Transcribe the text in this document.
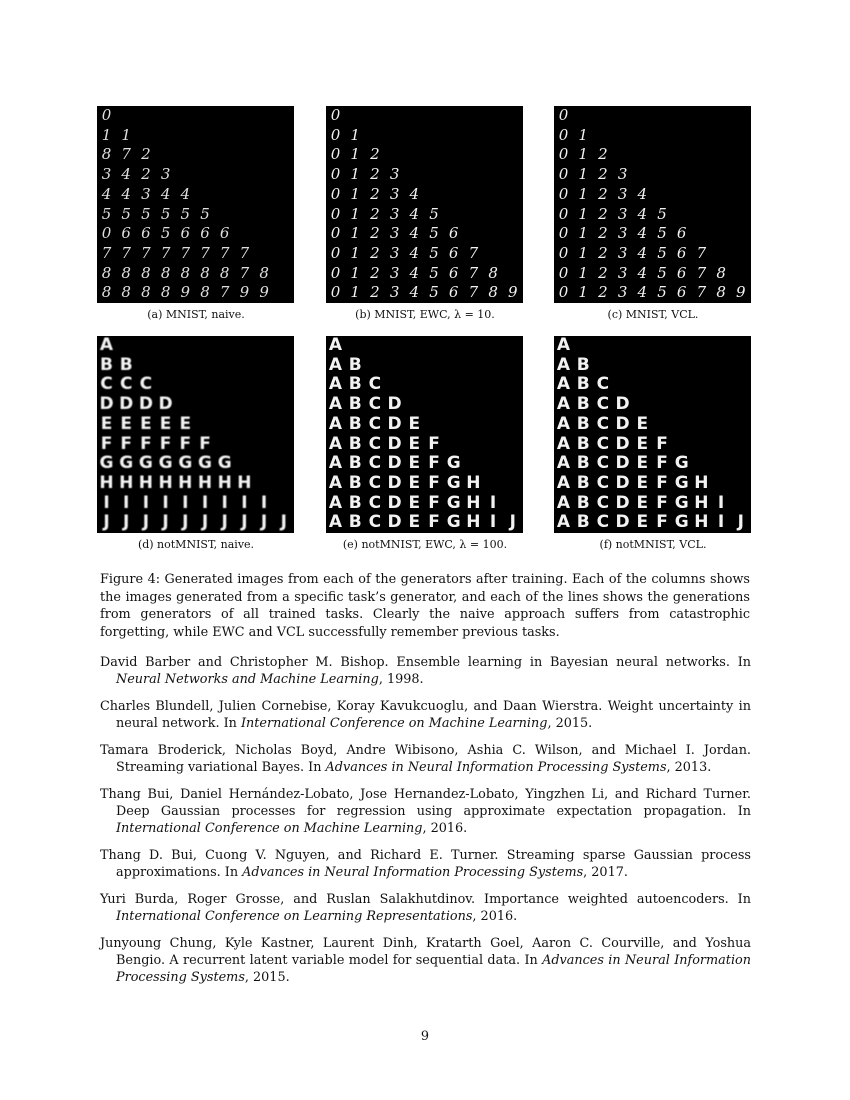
0
1 1
8 7 2
3 4 2 3
4 4 3 4 4
5 5 5 5 5 5
0 6 6 5 6 6 6
7 7 7 7 7 7 7 7
8 8 8 8 8 8 8 7 8
8 8 8 8 9 8 7 9 9
0
0 1
0 1 2
0 1 2 3
0 1 2 3 4
0 1 2 3 4 5
0 1 2 3 4 5 6
0 1 2 3 4 5 6 7
0 1 2 3 4 5 6 7 8
0 1 2 3 4 5 6 7 8 9
0
0 1
0 1 2
0 1 2 3
0 1 2 3 4
0 1 2 3 4 5
0 1 2 3 4 5 6
0 1 2 3 4 5 6 7
0 1 2 3 4 5 6 7 8
0 1 2 3 4 5 6 7 8 9
A
B B
C C C
D D D D
E E E E E
F F F F F F
G G G G G G G
H H H H H H H H
I I I I I I I I I
J J J J J J J J J J
A
A B
A B C
A B C D
A B C D E
A B C D E F
A B C D E F G
A B C D E F G H
A B C D E F G H I
A B C D E F G H I J
A
A B
A B C
A B C D
A B C D E
A B C D E F
A B C D E F G
A B C D E F G H
A B C D E F G H I
A B C D E F G H I J
(a) MNIST, naive.	(b) MNIST, EWC, λ = 10.	(c) MNIST, VCL.
(d) notMNIST, naive.	(e) notMNIST, EWC, λ = 100.	(f) notMNIST, VCL.

Figure 4: Generated images from each of the generators after training. Each of the columns shows the images generated from a specific task’s generator, and each of the lines shows the generations from generators of all trained tasks. Clearly the naive approach suffers from catastrophic forgetting, while EWC and VCL successfully remember previous tasks.

David Barber and Christopher M. Bishop. Ensemble learning in Bayesian neural networks. In Neural Networks and Machine Learning, 1998.
Charles Blundell, Julien Cornebise, Koray Kavukcuoglu, and Daan Wierstra. Weight uncertainty in neural network. In International Conference on Machine Learning, 2015.
Tamara Broderick, Nicholas Boyd, Andre Wibisono, Ashia C. Wilson, and Michael I. Jordan. Streaming variational Bayes. In Advances in Neural Information Processing Systems, 2013.
Thang Bui, Daniel Hernández-Lobato, Jose Hernandez-Lobato, Yingzhen Li, and Richard Turner. Deep Gaussian processes for regression using approximate expectation propagation. In International Conference on Machine Learning, 2016.
Thang D. Bui, Cuong V. Nguyen, and Richard E. Turner. Streaming sparse Gaussian process approximations. In Advances in Neural Information Processing Systems, 2017.
Yuri Burda, Roger Grosse, and Ruslan Salakhutdinov. Importance weighted autoencoders. In International Conference on Learning Representations, 2016.
Junyoung Chung, Kyle Kastner, Laurent Dinh, Kratarth Goel, Aaron C. Courville, and Yoshua Bengio. A recurrent latent variable model for sequential data. In Advances in Neural Information Processing Systems, 2015.
9
